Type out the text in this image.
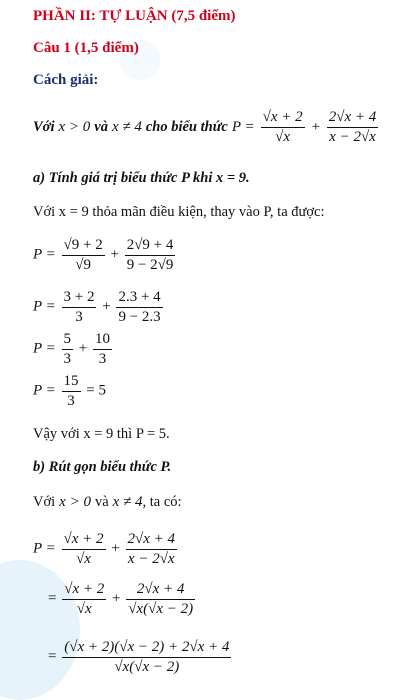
PHẦN II: TỰ LUẬN (7,5 điểm)
Câu 1 (1,5 điểm)
Cách giải:
Với x > 0 và x ≠ 4 cho biểu thức $P = \frac{√x + 2}{√x} + \frac{2√x + 4}{x - 2√x}$
a) Tính giá trị biểu thức P khi x = 9.
Với x = 9 thỏa mãn điều kiện, thay vào P, ta được:
$P = \frac{√9 + 2}{√9} + \frac{2√9 + 4}{9 - 2√9}$
$P = \frac{3 + 2}{3} + \frac{2.3 + 4}{9 - 2.3}$
$P = \frac{5}{3} + \frac{10}{3}$
$P = \frac{15}{3} = 5$
Vậy với x = 9 thì P = 5.
b) Rút gọn biểu thức P.
Với x > 0 và x ≠ 4, ta có:
$P = \frac{√x + 2}{√x} + \frac{2√x + 4}{x - 2√x}$
= $\frac{√x + 2}{√x} + \frac{2√x + 4}{√x(√x - 2)}$
= $\frac{(√x + 2)(√x - 2) + 2√x + 4}{√x(√x - 2)}$
